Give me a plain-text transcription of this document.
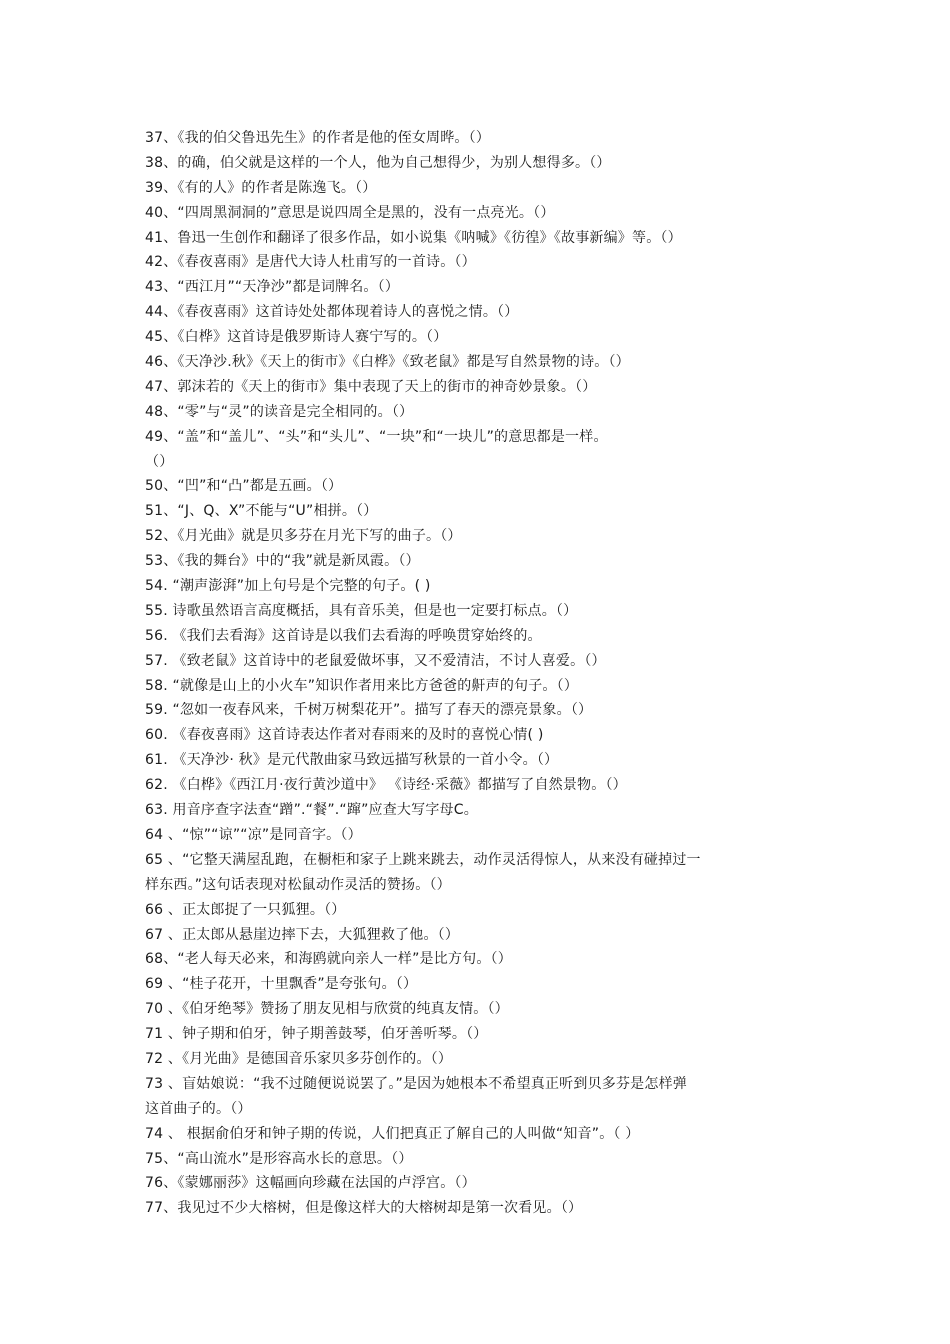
37、《我的伯父鲁迅先生》的作者是他的侄女周晔。（）
38、的确，伯父就是这样的一个人，他为自己想得少，为别人想得多。（）
39、《有的人》的作者是陈逸飞。（）
40、“四周黑洞洞的”意思是说四周全是黑的，没有一点亮光。（）
41、鲁迅一生创作和翻译了很多作品，如小说集《呐喊》《彷徨》《故事新编》等。（）
42、《春夜喜雨》是唐代大诗人杜甫写的一首诗。（）
43、“西江月”“天净沙”都是词牌名。（）
44、《春夜喜雨》这首诗处处都体现着诗人的喜悦之情。（）
45、《白桦》这首诗是俄罗斯诗人赛宁写的。（）
46、《天净沙.秋》《天上的街市》《白桦》《致老鼠》都是写自然景物的诗。（）
47、郭沫若的《天上的街市》集中表现了天上的街市的神奇妙景象。（）
48、“零”与“灵”的读音是完全相同的。（）
49、“盖”和“盖儿”、“头”和“头儿”、“一块”和“一块儿”的意思都是一样。
（）
50、“凹”和“凸”都是五画。（）
51、“J、Q、X”不能与“U”相拼。（）
52、《月光曲》就是贝多芬在月光下写的曲子。（）
53、《我的舞台》中的“我”就是新凤霞。（）
54. “潮声澎湃”加上句号是个完整的句子。( )
55. 诗歌虽然语言高度概括，具有音乐美，但是也一定要打标点。（）
56. 《我们去看海》这首诗是以我们去看海的呼唤贯穿始终的。
57. 《致老鼠》这首诗中的老鼠爱做坏事，又不爱清洁，不讨人喜爱。（）
58. “就像是山上的小火车”知识作者用来比方爸爸的鼾声的句子。（）
59. “忽如一夜春风来，千树万树梨花开”。描写了春天的漂亮景象。（）
60. 《春夜喜雨》这首诗表达作者对春雨来的及时的喜悦心情( )
61. 《天净沙· 秋》是元代散曲家马致远描写秋景的一首小令。（）
62. 《白桦》《西江月·夜行黄沙道中》 《诗经·采薇》都描写了自然景物。（）
63. 用音序查字法查“蹭”.“餐”.“蹿”应查大写字母C。
64 、“惊”“谅”“凉”是同音字。（）
65 、“它整天满屋乱跑，在橱柜和家子上跳来跳去，动作灵活得惊人，从来没有碰掉过一
样东西。”这句话表现对松鼠动作灵活的赞扬。（）
66 、正太郎捉了一只狐狸。（）
67 、正太郎从悬崖边摔下去，大狐狸救了他。（）
68、“老人每天必来，和海鸥就向亲人一样”是比方句。（）
69 、“桂子花开，十里飘香”是夸张句。（）
70 、《伯牙绝琴》赞扬了朋友见相与欣赏的纯真友情。（）
71 、钟子期和伯牙，钟子期善鼓琴，伯牙善听琴。（）
72 、《月光曲》是德国音乐家贝多芬创作的。（）
73 、盲姑娘说：“我不过随便说说罢了。”是因为她根本不希望真正听到贝多芬是怎样弹
这首曲子的。（）
74 、 根据俞伯牙和钟子期的传说，人们把真正了解自己的人叫做“知音”。（ ）
75、“高山流水”是形容高水长的意思。（）
76、《蒙娜丽莎》这幅画向珍藏在法国的卢浮宫。（）
77、我见过不少大榕树，但是像这样大的大榕树却是第一次看见。（）
